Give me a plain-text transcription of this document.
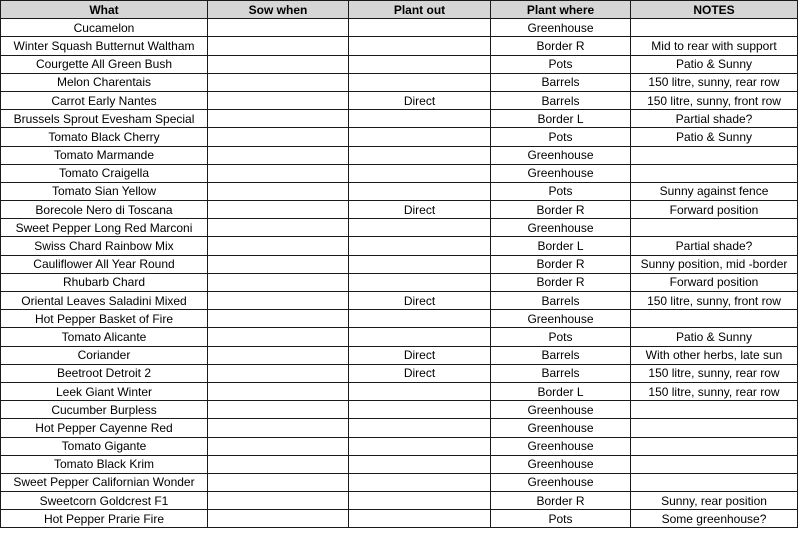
What	Sow when	Plant out	Plant where	NOTES
Cucamelon			Greenhouse	
Winter Squash Butternut Waltham			Border R	Mid to rear with support
Courgette All Green Bush			Pots	Patio & Sunny
Melon Charentais			Barrels	150 litre, sunny, rear row
Carrot Early Nantes		Direct	Barrels	150 litre, sunny, front row
Brussels Sprout Evesham Special			Border L	Partial shade?
Tomato Black Cherry			Pots	Patio & Sunny
Tomato Marmande			Greenhouse	
Tomato Craigella			Greenhouse	
Tomato Sian Yellow			Pots	Sunny against fence
Borecole Nero di Toscana		Direct	Border R	Forward position
Sweet Pepper Long Red Marconi			Greenhouse	
Swiss Chard Rainbow Mix			Border L	Partial shade?
Cauliflower All Year Round			Border R	Sunny position, mid -border
Rhubarb Chard			Border R	Forward position
Oriental Leaves Saladini Mixed		Direct	Barrels	150 litre, sunny, front row
Hot Pepper Basket of Fire			Greenhouse	
Tomato Alicante			Pots	Patio & Sunny
Coriander		Direct	Barrels	With other herbs, late sun
Beetroot Detroit 2		Direct	Barrels	150 litre, sunny, rear row
Leek Giant Winter			Border L	150 litre, sunny, rear row
Cucumber Burpless			Greenhouse	
Hot Pepper Cayenne Red			Greenhouse	
Tomato Gigante			Greenhouse	
Tomato Black Krim			Greenhouse	
Sweet Pepper Californian Wonder			Greenhouse	
Sweetcorn Goldcrest F1			Border R	Sunny, rear position
Hot Pepper Prarie Fire			Pots	Some greenhouse?
